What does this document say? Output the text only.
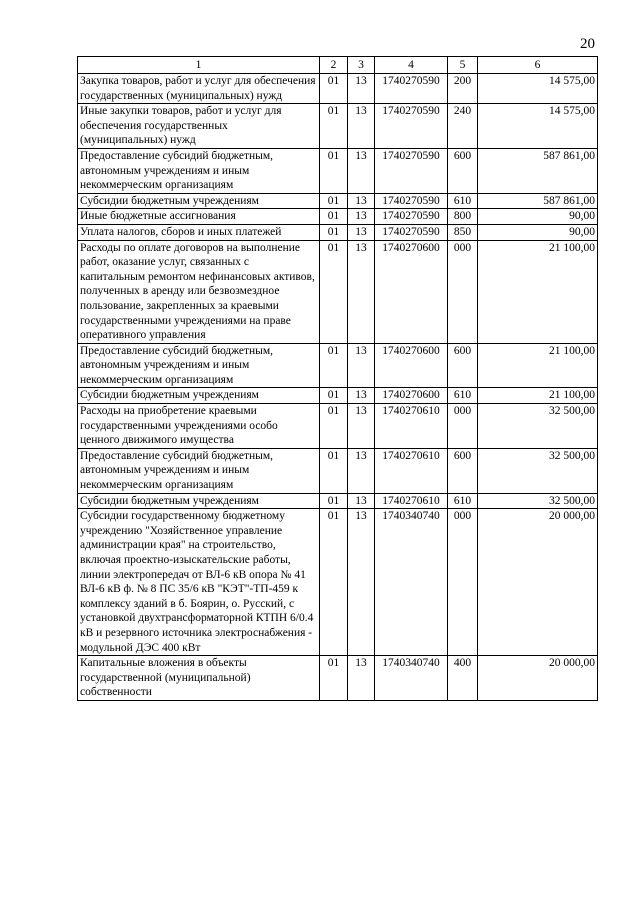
20
1	2	3	4	5	6
Закупка товаров, работ и услуг для обеспечения государственных (муниципальных) нужд	01	13	1740270590	200	14 575,00
Иные закупки товаров, работ и услуг для обеспечения государственных (муниципальных) нужд	01	13	1740270590	240	14 575,00
Предоставление субсидий бюджетным, автономным учреждениям и иным некоммерческим организациям	01	13	1740270590	600	587 861,00
Субсидии бюджетным учреждениям	01	13	1740270590	610	587 861,00
Иные бюджетные ассигнования	01	13	1740270590	800	90,00
Уплата налогов, сборов и иных платежей	01	13	1740270590	850	90,00
Расходы по оплате договоров на выполнение работ, оказание услуг, связанных с капитальным ремонтом нефинансовых активов, полученных в аренду или безвозмездное пользование, закрепленных за краевыми государственными учреждениями на праве оперативного управления	01	13	1740270600	000	21 100,00
Предоставление субсидий бюджетным, автономным учреждениям и иным некоммерческим организациям	01	13	1740270600	600	21 100,00
Субсидии бюджетным учреждениям	01	13	1740270600	610	21 100,00
Расходы на приобретение краевыми государственными учреждениями особо ценного движимого имущества	01	13	1740270610	000	32 500,00
Предоставление субсидий бюджетным, автономным учреждениям и иным некоммерческим организациям	01	13	1740270610	600	32 500,00
Субсидии бюджетным учреждениям	01	13	1740270610	610	32 500,00
Субсидии государственному бюджетному учреждению "Хозяйственное управление администрации края" на строительство, включая проектно-изыскательские работы, линии электропередач от ВЛ-6 кВ опора № 41 ВЛ-6 кВ ф. № 8 ПС 35/6 кВ "КЭТ"-ТП-459 к комплексу зданий в б. Боярин, о. Русский, с установкой двухтрансформаторной КТПН 6/0.4 кВ и резервного источника электроснабжения - модульной ДЭС 400 кВт	01	13	1740340740	000	20 000,00
Капитальные вложения в объекты государственной (муниципальной) собственности	01	13	1740340740	400	20 000,00
